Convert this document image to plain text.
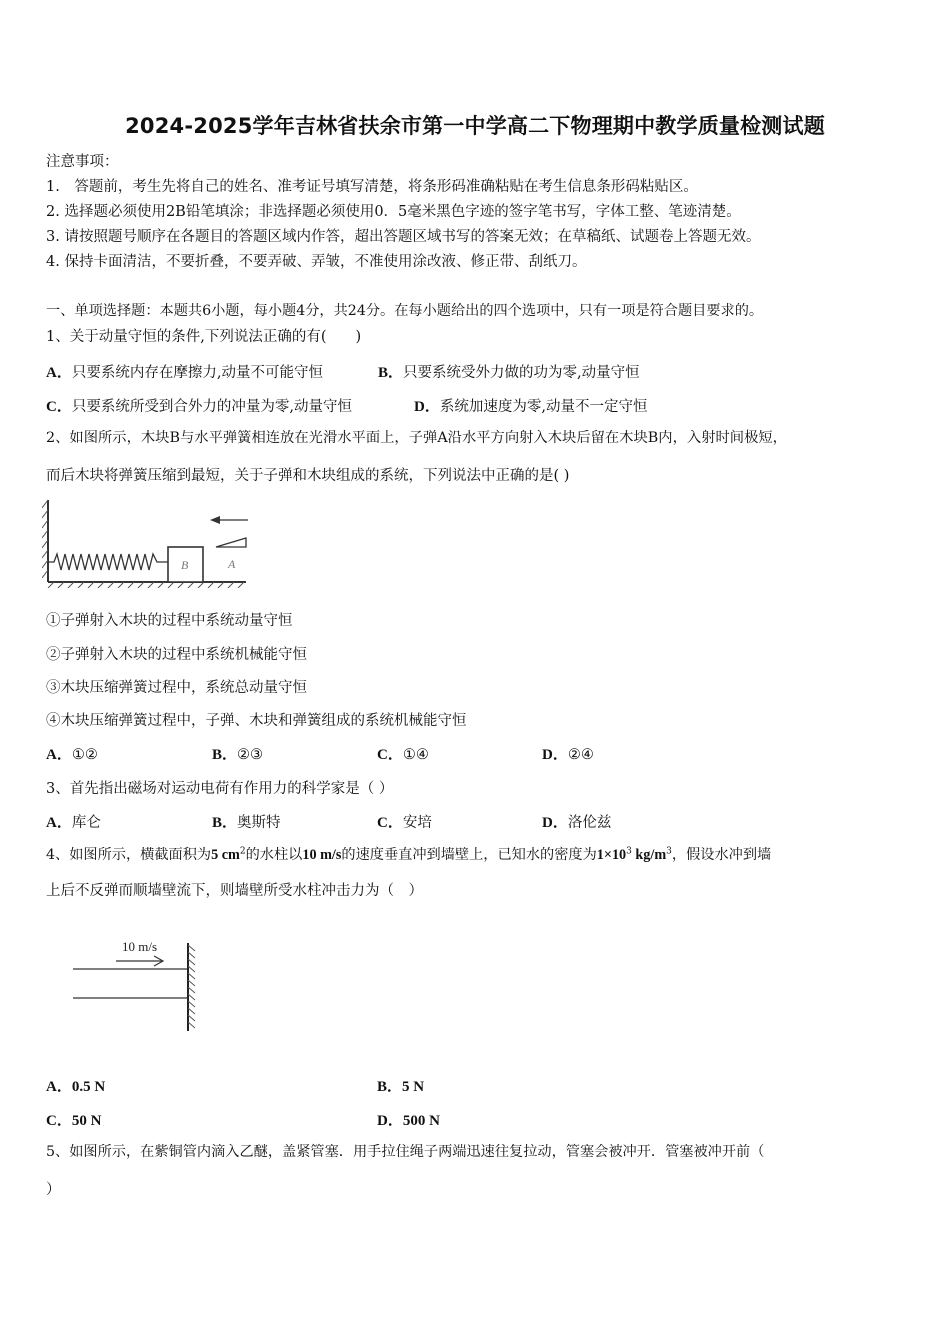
2024-2025学年吉林省扶余市第一中学高二下物理期中教学质量检测试题
注意事项：
1.　答题前，考生先将自己的姓名、准考证号填写清楚，将条形码准确粘贴在考生信息条形码粘贴区。
2. 选择题必须使用2B铅笔填涂；非选择题必须使用0．5毫米黑色字迹的签字笔书写，字体工整、笔迹清楚。
3. 请按照题号顺序在各题目的答题区域内作答，超出答题区域书写的答案无效；在草稿纸、试题卷上答题无效。
4. 保持卡面清洁，不要折叠，不要弄破、弄皱，不准使用涂改液、修正带、刮纸刀。
一、单项选择题：本题共6小题，每小题4分，共24分。在每小题给出的四个选项中，只有一项是符合题目要求的。
1、关于动量守恒的条件,下列说法正确的有(　　)
A．只要系统内存在摩擦力,动量不可能守恒	B．只要系统受外力做的功为零,动量守恒
C．只要系统所受到合外力的冲量为零,动量守恒	D．系统加速度为零,动量不一定守恒
2、如图所示，木块B与水平弹簧相连放在光滑水平面上，子弹A沿水平方向射入木块后留在木块B内，入射时间极短，
而后木块将弹簧压缩到最短，关于子弹和木块组成的系统，下列说法中正确的是( )
B	A
①子弹射入木块的过程中系统动量守恒
②子弹射入木块的过程中系统机械能守恒
③木块压缩弹簧过程中，系统总动量守恒
④木块压缩弹簧过程中，子弹、木块和弹簧组成的系统机械能守恒
A．①②	B．②③	C．①④	D．②④
3、首先指出磁场对运动电荷有作用力的科学家是（ ）
A．库仑	B．奥斯特	C．安培	D．洛伦兹
4、如图所示，横截面积为5 $cm^2$的水柱以10 m/s的速度垂直冲到墙壁上，已知水的密度为$1\times 10^3$ $kg/m^3$，假设水冲到墙
上后不反弹而顺墙壁流下，则墙壁所受水柱冲击力为（　）
10 m/s
A．0.5 N	B．5 N
C．50 N	D．500 N
5、如图所示，在紫铜管内滴入乙醚，盖紧管塞．用手拉住绳子两端迅速往复拉动，管塞会被冲开．管塞被冲开前（
）
